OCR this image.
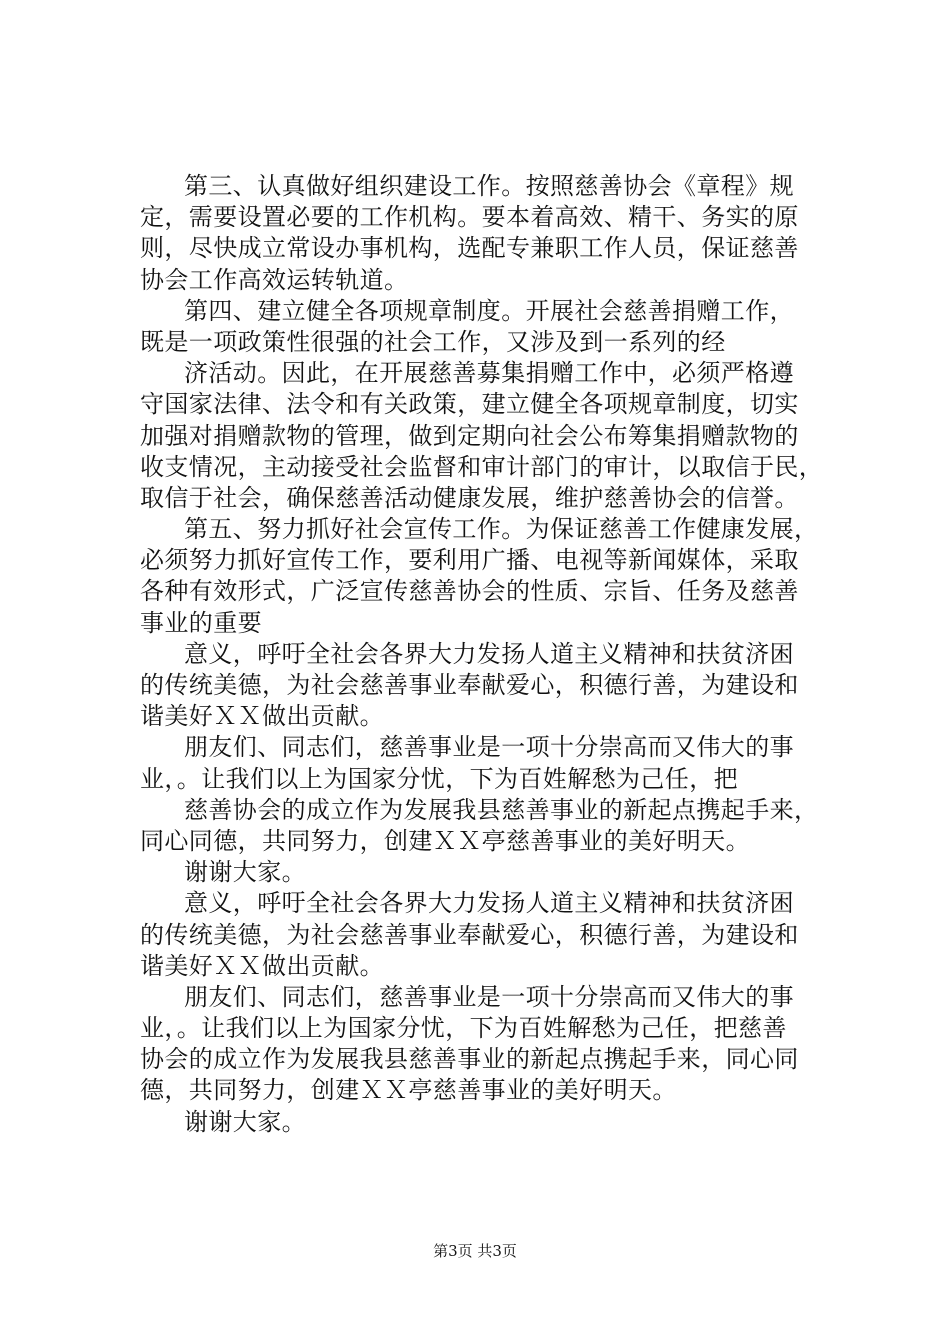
第三、认真做好组织建设工作。按照慈善协会《章程》规
定，需要设置必要的工作机构。要本着高效、精干、务实的原
则，尽快成立常设办事机构，选配专兼职工作人员，保证慈善
协会工作高效运转轨道。
第四、建立健全各项规章制度。开展社会慈善捐赠工作，
既是一项政策性很强的社会工作，又涉及到一系列的经
济活动。因此，在开展慈善募集捐赠工作中，必须严格遵
守国家法律、法令和有关政策，建立健全各项规章制度，切实
加强对捐赠款物的管理，做到定期向社会公布筹集捐赠款物的
收支情况，主动接受社会监督和审计部门的审计，以取信于民，
取信于社会，确保慈善活动健康发展，维护慈善协会的信誉。
第五、努力抓好社会宣传工作。为保证慈善工作健康发展，
必须努力抓好宣传工作，要利用广播、电视等新闻媒体，采取
各种有效形式，广泛宣传慈善协会的性质、宗旨、任务及慈善
事业的重要
意义，呼吁全社会各界大力发扬人道主义精神和扶贫济困
的传统美德，为社会慈善事业奉献爱心，积德行善，为建设和
谐美好ＸＸ做出贡献。
朋友们、同志们，慈善事业是一项十分崇高而又伟大的事
业，。让我们以上为国家分忧，下为百姓解愁为己任，把
慈善协会的成立作为发展我县慈善事业的新起点携起手来，
同心同德，共同努力，创建ＸＸ亭慈善事业的美好明天。
谢谢大家。
意义，呼吁全社会各界大力发扬人道主义精神和扶贫济困
的传统美德，为社会慈善事业奉献爱心，积德行善，为建设和
谐美好ＸＸ做出贡献。
朋友们、同志们，慈善事业是一项十分崇高而又伟大的事
业，。让我们以上为国家分忧，下为百姓解愁为己任，把慈善
协会的成立作为发展我县慈善事业的新起点携起手来，同心同
德，共同努力，创建ＸＸ亭慈善事业的美好明天。
谢谢大家。
第3页 共3页
